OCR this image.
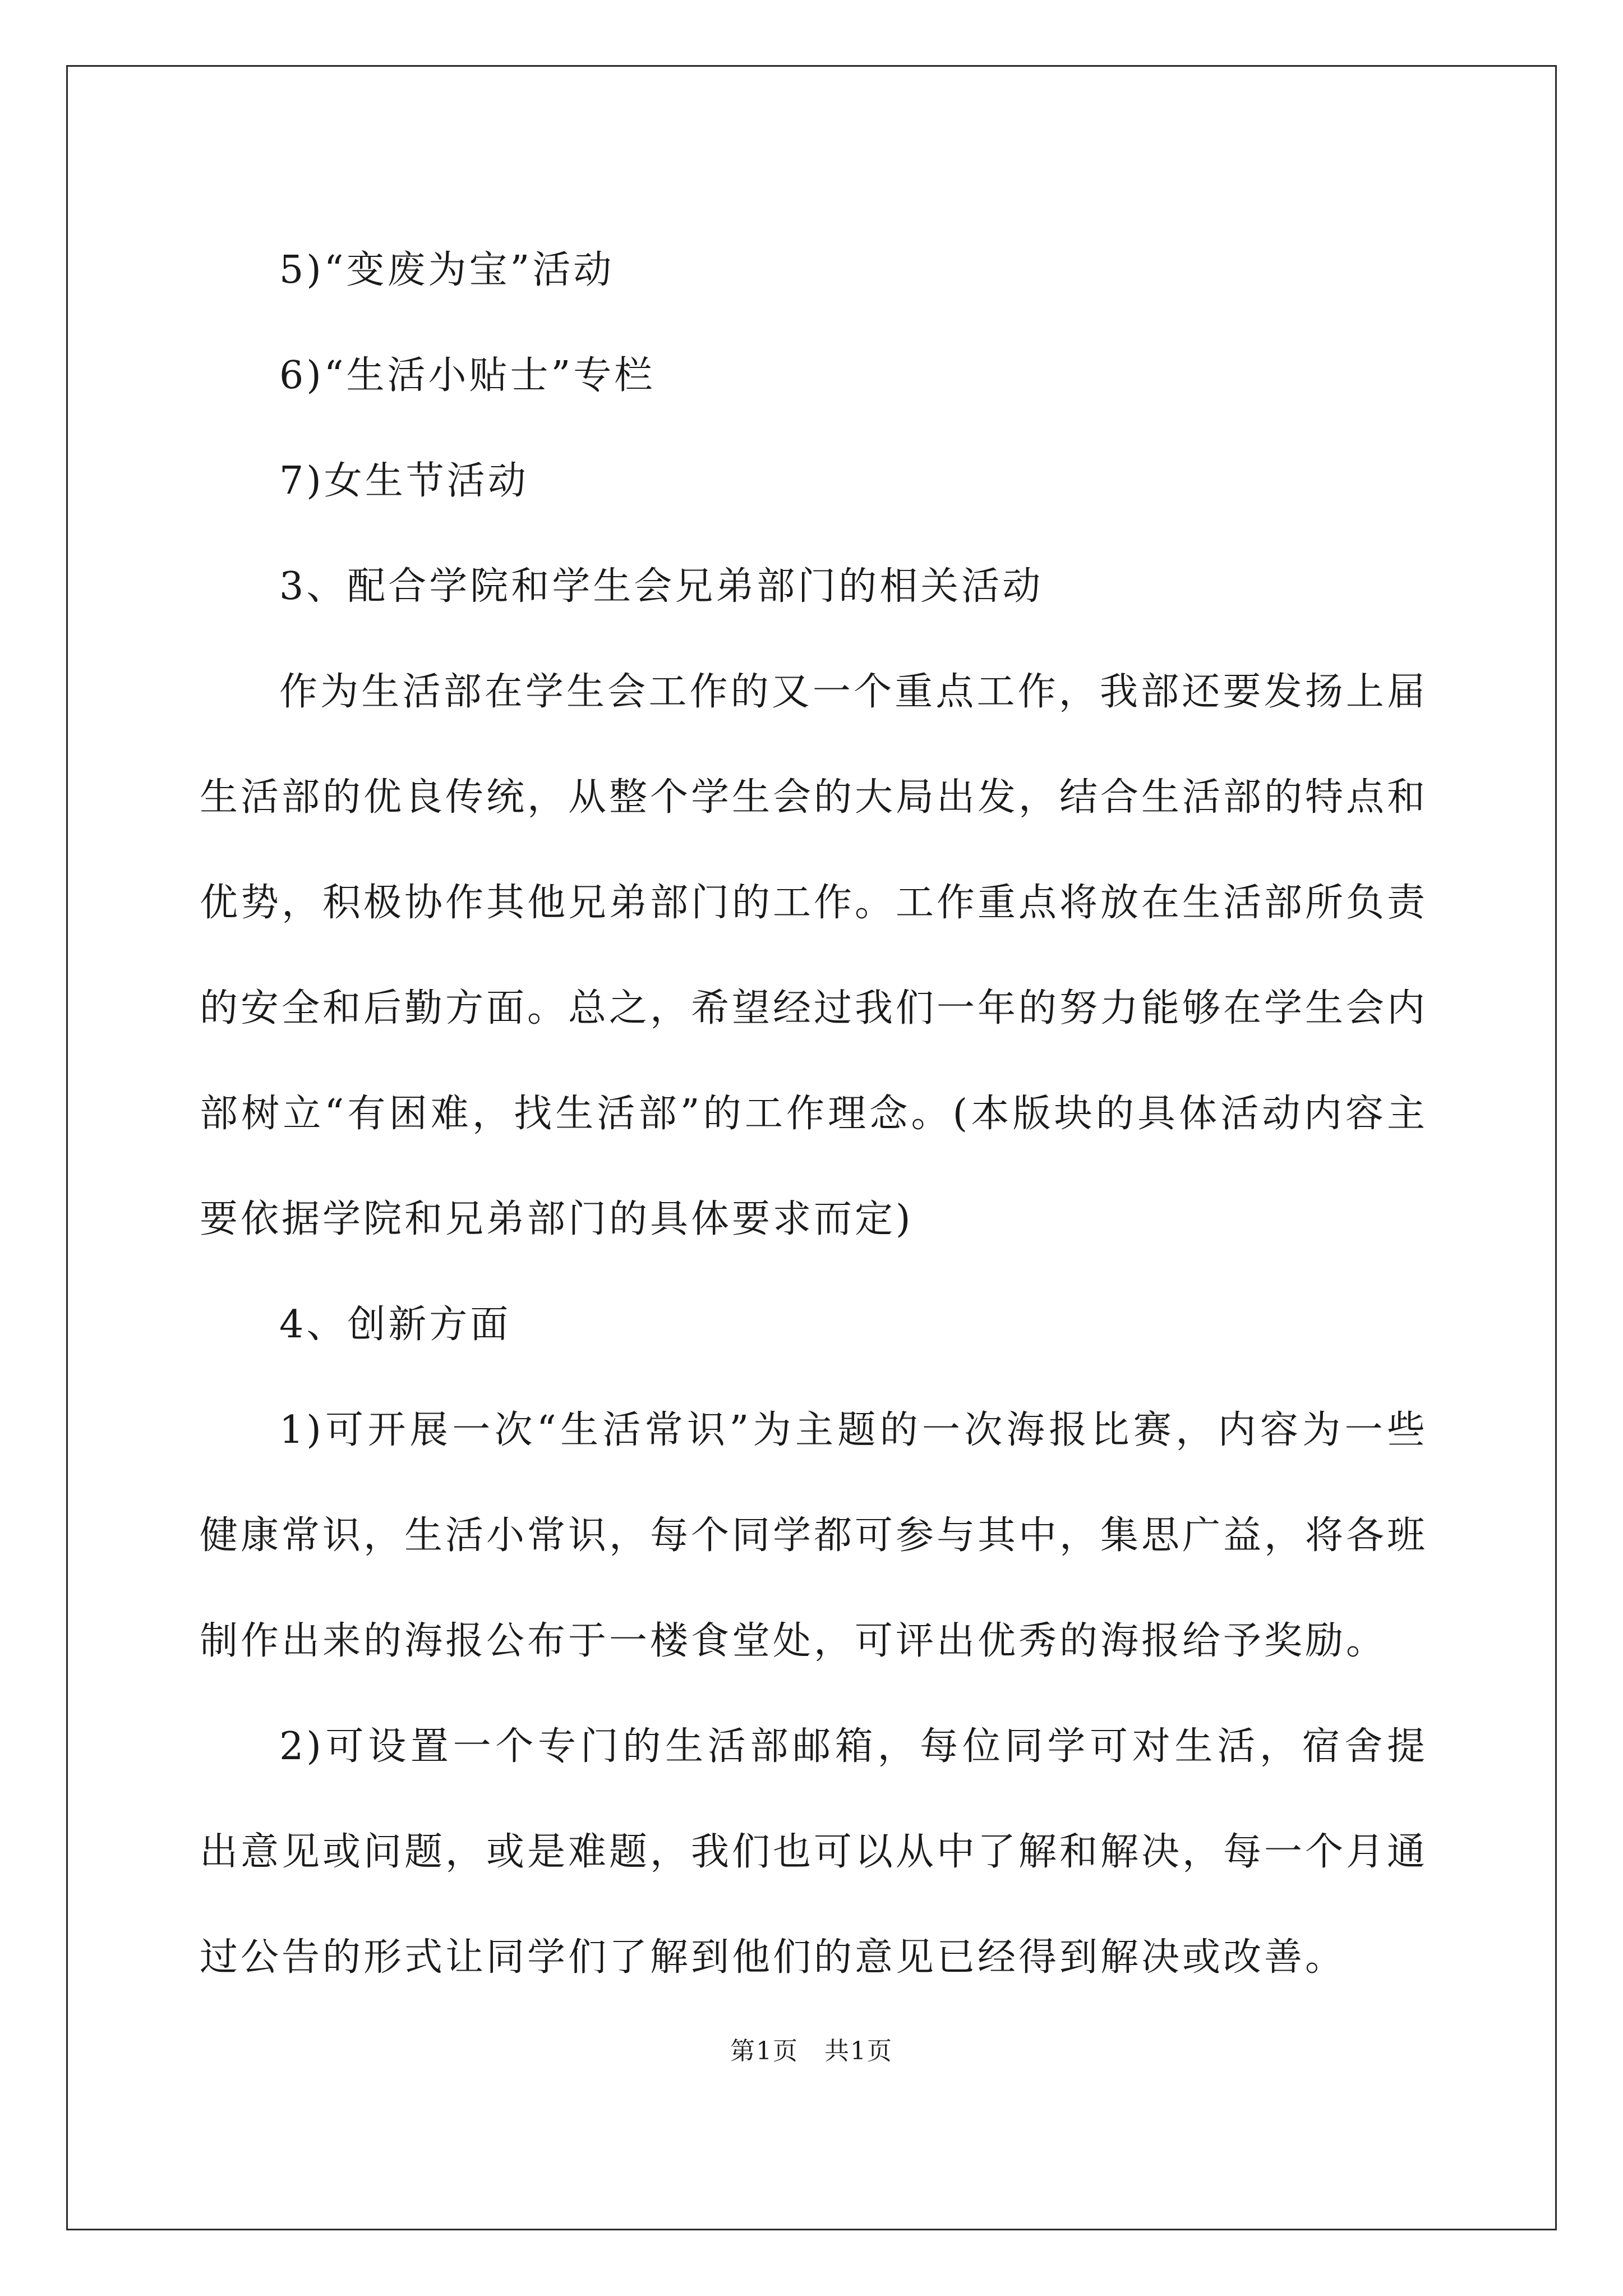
5)“变废为宝”活动

6)“生活小贴士”专栏

7)女生节活动

3、配合学院和学生会兄弟部门的相关活动

作为生活部在学生会工作的又一个重点工作，我部还要发扬上届生活部的优良传统，从整个学生会的大局出发，结合生活部的特点和优势，积极协作其他兄弟部门的工作。工作重点将放在生活部所负责的安全和后勤方面。总之，希望经过我们一年的努力能够在学生会内部树立“有困难，找生活部”的工作理念。(本版块的具体活动内容主要依据学院和兄弟部门的具体要求而定)

4、创新方面

1)可开展一次“生活常识”为主题的一次海报比赛，内容为一些健康常识，生活小常识，每个同学都可参与其中，集思广益，将各班制作出来的海报公布于一楼食堂处，可评出优秀的海报给予奖励。

2)可设置一个专门的生活部邮箱，每位同学可对生活，宿舍提出意见或问题，或是难题，我们也可以从中了解和解决，每一个月通过公告的形式让同学们了解到他们的意见已经得到解决或改善。

第1页　共1页
